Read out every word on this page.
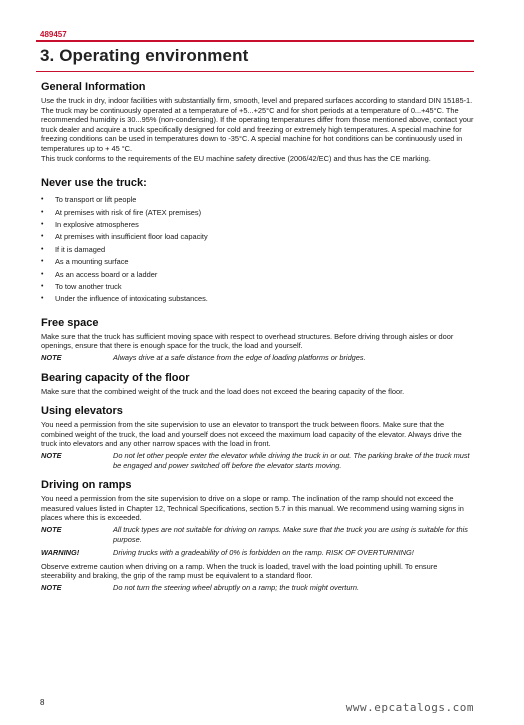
489457
3. Operating environment
General Information

Use the truck in dry, indoor facilities with substantially firm, smooth, level and prepared surfaces according to standard DIN 15185-1. The truck may be continuously operated at a temperature of +5...+25°C and for short periods at a temperature of 0...+45°C. The recommended humidity is 30...95% (non-condensing). If the operating temperatures differ from those mentioned above, contact your truck dealer and acquire a truck specifically designed for cold and freezing or extremely high temperatures. A special machine for freezing conditions can be used in temperatures down to -35°C. A special machine for hot conditions can be continuously used in temperatures up to + 45 °C.

This truck conforms to the requirements of the EU machine safety directive (2006/42/EC) and thus has the CE marking.

Never use the truck:
• To transport or lift people
• At premises with risk of fire (ATEX premises)
• In explosive atmospheres
• At premises with insufficient floor load capacity
• If it is damaged
• As a mounting surface
• As an access board or a ladder
• To tow another truck
• Under the influence of intoxicating substances.
Free space

Make sure that the truck has sufficient moving space with respect to overhead structures. Before driving through aisles or door openings, ensure that there is enough space for the truck, the load and yourself.

NOTE	Always drive at a safe distance from the edge of loading platforms or bridges.
Bearing capacity of the floor

Make sure that the combined weight of the truck and the load does not exceed the bearing capacity of the floor.

Using elevators

You need a permission from the site supervision to use an elevator to transport the truck between floors. Make sure that the combined weight of the truck, the load and yourself does not exceed the maximum load capacity of the elevator. Always drive the truck into elevators and any other narrow spaces with the load in front.

NOTE	Do not let other people enter the elevator while driving the truck in or out. The parking brake of the truck must be engaged and power switched off before the elevator starts moving.
Driving on ramps

You need a permission from the site supervision to drive on a slope or ramp. The inclination of the ramp should not exceed the measured values listed in Chapter 12, Technical Specifications, section 5.7 in this manual. We recommend using warning signs in places where this is exceeded.

NOTE	All truck types are not suitable for driving on ramps. Make sure that the truck you are using is suitable for this purpose.
WARNING!	Driving trucks with a gradeability of 0% is forbidden on the ramp. RISK OF OVERTURNING!

Observe extreme caution when driving on a ramp. When the truck is loaded, travel with the load pointing uphill. To ensure steerability and braking, the grip of the ramp must be equivalent to a standard floor.

NOTE	Do not turn the steering wheel abruptly on a ramp; the truck might overturn.
8	www.epcatalogs.com
